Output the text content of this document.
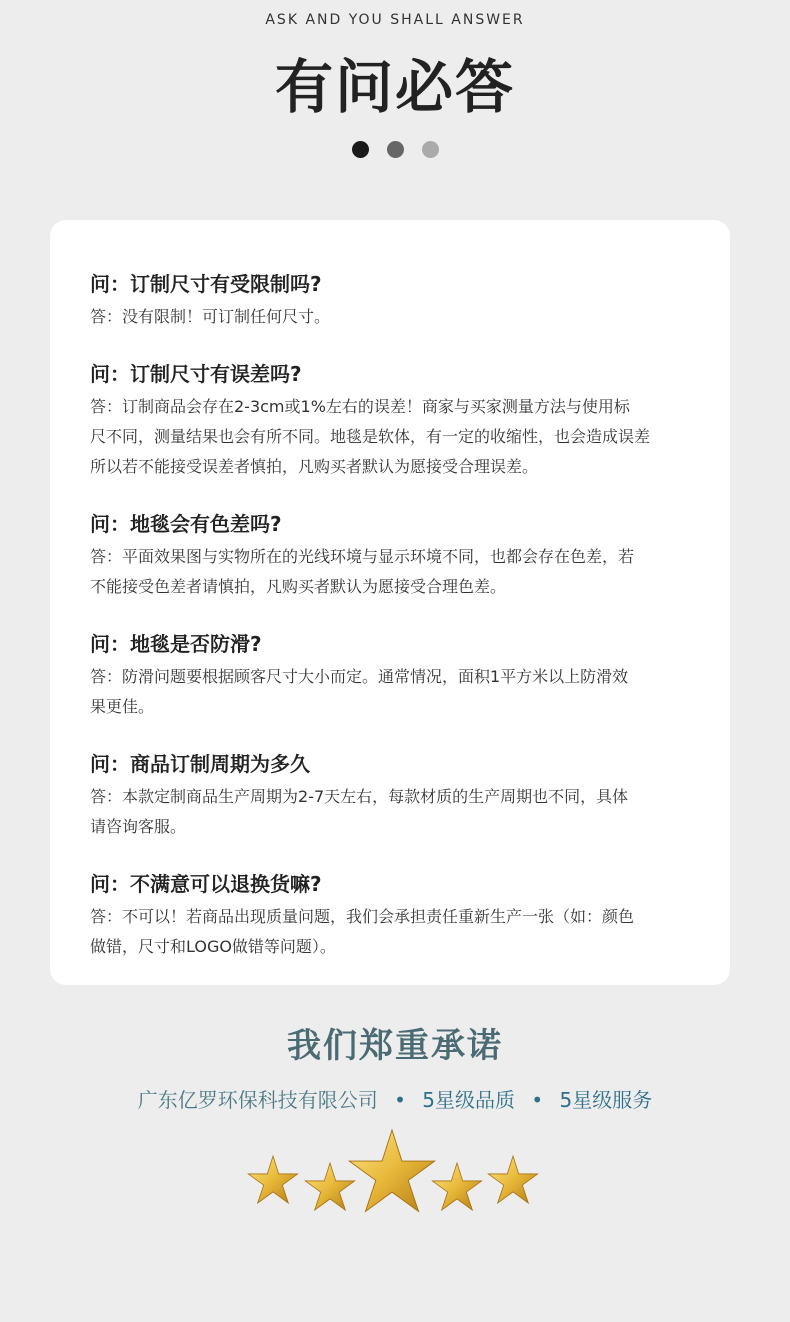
ASK AND YOU SHALL ANSWER
有问必答

问：订制尺寸有受限制吗?
答：没有限制！可订制任何尺寸。
问：订制尺寸有误差吗?
答：订制商品会存在2-3cm或1%左右的误差！商家与买家测量方法与使用标
尺不同，测量结果也会有所不同。地毯是软体，有一定的收缩性，也会造成误差
所以若不能接受误差者慎拍，凡购买者默认为愿接受合理误差。
问：地毯会有色差吗?
答：平面效果图与实物所在的光线环境与显示环境不同，也都会存在色差，若
不能接受色差者请慎拍，凡购买者默认为愿接受合理色差。
问：地毯是否防滑?
答：防滑问题要根据顾客尺寸大小而定。通常情况，面积1平方米以上防滑效
果更佳。
问：商品订制周期为多久
答：本款定制商品生产周期为2-7天左右，每款材质的生产周期也不同，具体
请咨询客服。
问：不满意可以退换货嘛?
答：不可以！若商品出现质量问题，我们会承担责任重新生产一张（如：颜色
做错，尺寸和LOGO做错等问题）。
我们郑重承诺
广东亿罗环保科技有限公司 • 5星级品质 • 5星级服务
